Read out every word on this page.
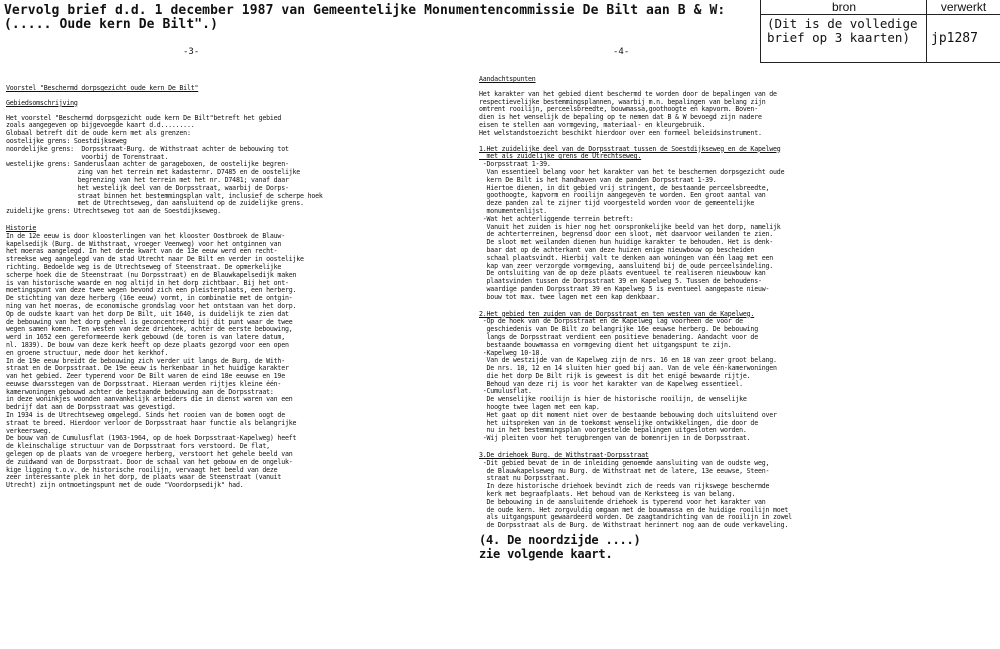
Vervolg brief d.d. 1 december 1987 van Gemeentelijke Monumentencommissie De Bilt aan B & W:
(..... Oude kern De Bilt".)
bron
(Dit is de volledige
brief op 3 kaarten)
verwerkt
jp1287
-3-	-4-
Voorstel "Beschermd dorpsgezicht oude kern De Bilt"
Gebiedsomschrijving
Het voorstel "Beschermd dorpsgezicht oude kern De Bilt"betreft het gebied
zoals aangegeven op bijgevoegde kaart d.d.........
Globaal betreft dit de oude kern met als grenzen:
oostelijke grens: Soestdijkseweg
noordelijke grens:  Dorpsstraat-Burg. de Withstraat achter de bebouwing tot
voorbij de Torenstraat.
westelijke grens: Sanderuslaan achter de garageboxen, de oostelijke begren-
zing van het terrein met kadasternr. D7485 en de oostelijke
begrenzing van het terrein met het nr. D7481; vanaf daar
het westelijk deel van de Dorpsstraat, waarbij de Dorps-
straat binnen het bestemmingsplan valt, inclusief de scherpe hoek
met de Utrechtseweg, dan aansluitend op de zuidelijke grens.
zuidelijke grens: Utrechtseweg tot aan de Soestdijkseweg.
Historie
In de 12e eeuw is door kloosterlingen van het klooster Oostbroek de Blauw-
kapelsedijk (Burg. de Withstraat, vroeger Veenweg) voor het ontginnen van
het moeras aangelegd. In het derde kwart van de 13e eeuw werd een recht-
streekse weg aangelegd van de stad Utrecht naar De Bilt en verder in oostelijke
richting. Bedoelde weg is de Utrechtseweg of Steenstraat. De opmerkelijke
scherpe hoek die de Steenstraat (nu Dorpsstraat) en de Blauwkapelsedijk maken
is van historische waarde en nog altijd in het dorp zichtbaar. Bij het ont-
moetingspunt van deze twee wegen bevond zich een pleisterplaats, een herberg.
De stichting van deze herberg (16e eeuw) vormt, in combinatie met de ontgin-
ning van het moeras, de economische grondslag voor het ontstaan van het dorp.
Op de oudste kaart van het dorp De Bilt, uit 1640, is duidelijk te zien dat
de bebouwing van het dorp geheel is geconcentreerd bij dit punt waar de twee
wegen samen komen. Ten westen van deze driehoek, achter de eerste bebouwing,
werd in 1652 een gereformeerde kerk gebouwd (de toren is van latere datum,
nl. 1839). De bouw van deze kerk heeft op deze plaats gezorgd voor een open
en groene structuur, mede door het kerkhof.
In de 19e eeuw breidt de bebouwing zich verder uit langs de Burg. de With-
straat en de Dorpsstraat. De 19e eeuw is herkenbaar in het huidige karakter
van het gebied. Zeer typerend voor De Bilt waren de eind 18e eeuwse en 19e
eeuwse dwarsstegen van de Dorpsstraat. Hieraan werden rijtjes kleine één-
kamerwoningen gebouwd achter de bestaande bebouwing aan de Dorpsstraat:
in deze woninkjes woonden aanvankelijk arbeiders die in dienst waren van een
bedrijf dat aan de Dorpsstraat was gevestigd.
In 1934 is de Utrechtseweg omgelegd. Sinds het rooien van de bomen oogt de
straat te breed. Hierdoor verloor de Dorpsstraat haar functie als belangrijke
verkeersweg.
De bouw van de Cumulusflat (1963-1964, op de hoek Dorpsstraat-Kapelweg) heeft
de kleinschalige structuur van de Dorpsstraat fors verstoord. De flat,
gelegen op de plaats van de vroegere herberg, verstoort het gehele beeld van
de zuidwand van de Dorpsstraat. Door de schaal van het gebouw en de ongeluk-
kige ligging t.o.v. de historische rooilijn, vervaagt het beeld van deze
zeer interessante plek in het dorp, de plaats waar de Steenstraat (vanuit
Utrecht) zijn ontmoetingspunt met de oude "Voordorpsedijk" had.
Aandachtspunten
Het karakter van het gebied dient beschermd te worden door de bepalingen van de
respectievelijke bestemmingsplannen, waarbij m.n. bepalingen van belang zijn
omtrent rooilijn, perceelsbreedte, bouwmassa,goothoogte en kapvorm. Boven-
dien is het wenselijk de bepaling op te nemen dat B & W bevoegd zijn nadere
eisen te stellen aan vormgeving, materiaal- en kleurgebruik.
Het welstandstoezicht beschikt hierdoor over een formeel beleidsinstrument.
1.Het zuidelijke deel van de Dorpsstraat tussen de Soestdijkseweg en de Kapelweg
met als zuidelijke grens de Utrechtseweg.
-Dorpsstraat 1-39.
Van essentieel belang voor het karakter van het te beschermen dorpsgezicht oude
kern De Bilt is het handhaven van de panden Dorpsstraat 1-39.
Hiertoe dienen, in dit gebied vrij stringent, de bestaande perceelsbreedte,
goothoogte, kapvorm en rooilijn aangegeven te worden. Een groot aantal van
deze panden zal te zijner tijd voorgesteld worden voor de gemeentelijke
monumentenlijst.
-Wat het achterliggende terrein betreft:
Vanuit het zuiden is hier nog het oorspronkelijke beeld van het dorp, namelijk
de achterterreinen, begrensd door een sloot, met daarvoor weilanden te zien.
De sloot met weilanden dienen hun huidige karakter te behouden. Het is denk-
baar dat op de achterkant van deze huizen enige nieuwbouw op bescheiden
schaal plaatsvindt. Hierbij valt te denken aan woningen van één laag met een
kap van zeer verzorgde vormgeving, aansluitend bij de oude perceelsindeling.
De ontsluiting van de op deze plaats eventueel te realiseren nieuwbouw kan
plaatsvinden tussen de Dorpsstraat 39 en Kapelweg 5. Tussen de behoudens-
waardige panden Dorpsstraat 39 en Kapelweg 5 is eventueel aangepaste nieuw-
bouw tot max. twee lagen met een kap denkbaar.
2.Het gebied ten zuiden van de Dorpsstraat en ten westen van de Kapelweg.
-Op de hoek van de Dorpsstraat en de Kapelweg lag voorheen de voor de
geschiedenis van De Bilt zo belangrijke 16e eeuwse herberg. De bebouwing
langs de Dorpsstraat verdient een positieve benadering. Aandacht voor de
bestaande bouwmassa en vormgeving dient het uitgangspunt te zijn.
-Kapelweg 10-18.
Van de westzijde van de Kapelweg zijn de nrs. 16 en 18 van zeer groot belang.
De nrs. 10, 12 en 14 sluiten hier goed bij aan. Van de vele één-kamerwoningen
die het dorp De Bilt rijk is geweest is dit het enigē bewaarde rijtje.
Behoud van deze rij is voor het karakter van de Kapelweg essentieel.
-Cumulusflat.
De wenselijke rooilijn is hier de historische rooilijn, de wenselijke
hoogte twee lagen met een kap.
Het gaat op dit moment niet over de bestaande bebouwing doch uitsluitend over
het uitspreken van in de toekomst wenselijke ontwikkelingen, die door de
nu in het bestemmingsplan voorgestelde bepalingen uitgesloten worden.
-Wij pleiten voor het terugbrengen van de bomenrijen in de Dorpsstraat.
3.De driehoek Burg. de Withstraat-Dorpsstraat
-Dit gebied bevat de in de inleiding genoemde aansluiting van de oudste weg,
de Blauwkapelseweg nu Burg. de Withstraat met de latere, 13e eeuwse, Steen-
straat nu Dorpsstraat.
In deze historische driehoek bevindt zich de reeds van rijkswege beschermde
kerk met begraafplaats. Het behoud van de Kerksteeg is van belang.
De bebouwing in de aansluitende driehoek is typerend voor het karakter van
de oude kern. Het zorgvuldig omgaan met de bouwmassa en de huidige rooilijn moet
als uitgangspunt gewaardeerd worden. De zaagtandrichting van de rooilijn in zowel
de Dorpsstraat als de Burg. de Withstraat herinnert nog aan de oude verkaveling.
(4. De noordzijde ....)
zie volgende kaart.
